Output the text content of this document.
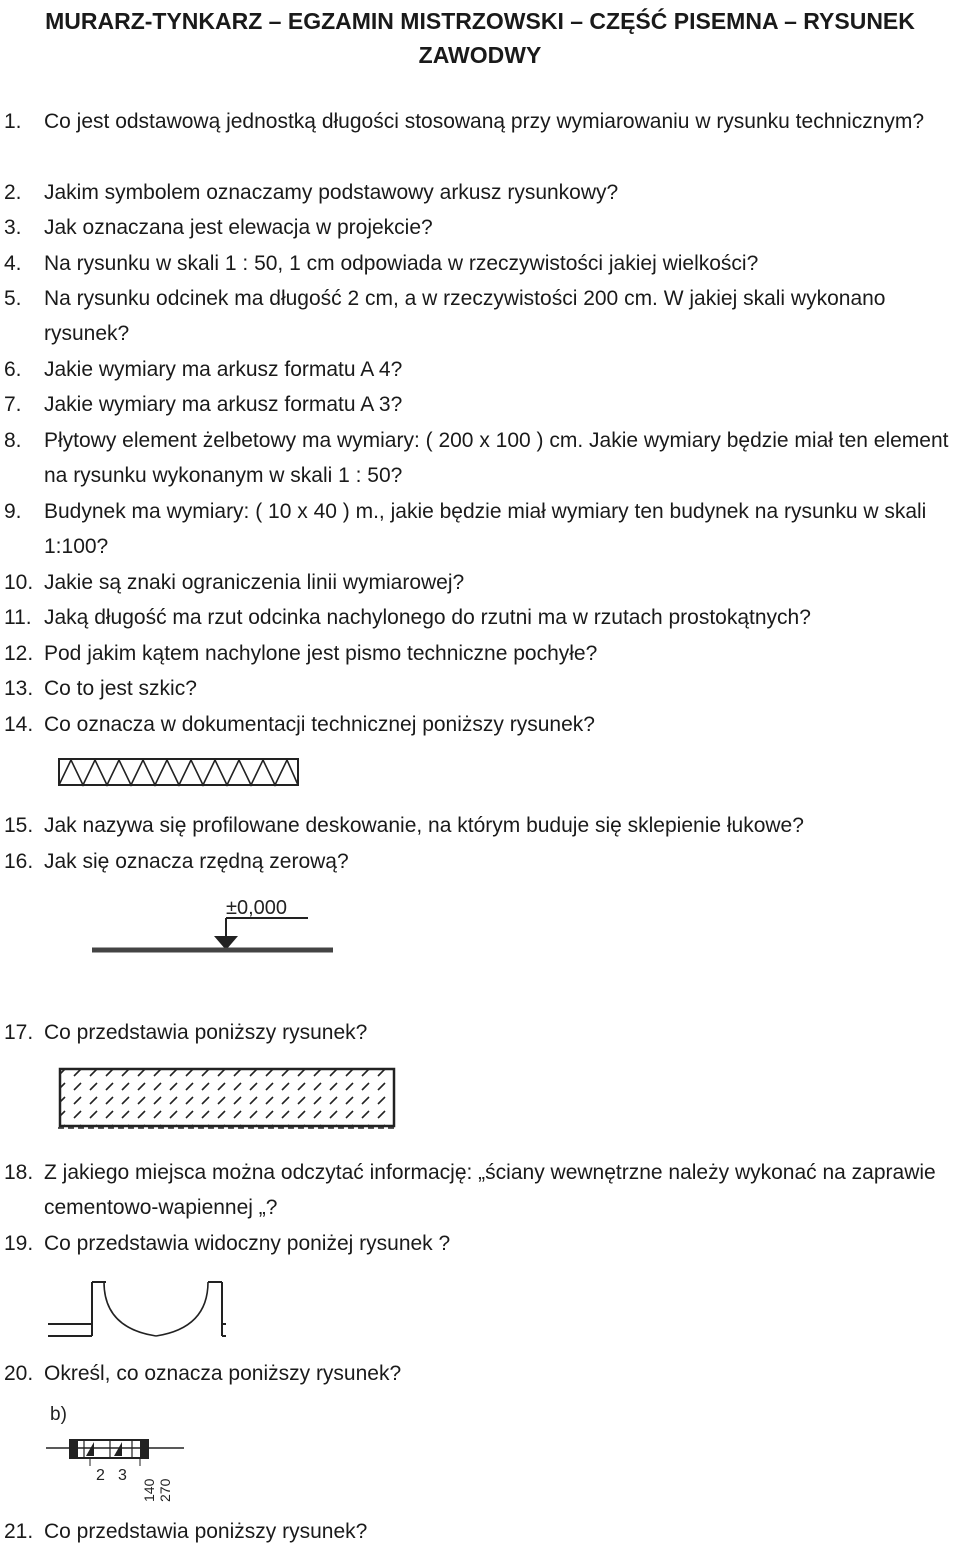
MURARZ-TYNKARZ – EGZAMIN MISTRZOWSKI – CZĘŚĆ PISEMNA – RYSUNEK ZAWODWY
1. Co jest odstawową jednostką długości stosowaną przy wymiarowaniu w rysunku technicznym?
2. Jakim symbolem oznaczamy podstawowy arkusz rysunkowy?
3. Jak oznaczana jest elewacja w projekcie?
4. Na rysunku w skali 1 : 50, 1 cm odpowiada w rzeczywistości jakiej wielkości?
5. Na rysunku odcinek ma długość 2 cm, a w rzeczywistości 200 cm. W jakiej skali wykonano rysunek?
6. Jakie wymiary ma arkusz formatu A 4?
7. Jakie wymiary ma arkusz formatu A 3?
8. Płytowy element żelbetowy ma wymiary: ( 200 x 100 ) cm. Jakie wymiary będzie miał ten element na rysunku wykonanym w skali 1 : 50?
9. Budynek ma wymiary: ( 10 x 40 ) m., jakie będzie miał wymiary ten budynek na rysunku w skali 1:100?
10. Jakie są znaki ograniczenia linii wymiarowej?
11. Jaką długość ma rzut odcinka nachylonego do rzutni ma w rzutach prostokątnych?
12. Pod jakim kątem nachylone jest pismo techniczne pochyłe?
13. Co to jest szkic?
14. Co oznacza w dokumentacji technicznej poniższy rysunek?
15. Jak nazywa się profilowane deskowanie, na którym buduje się sklepienie łukowe?
16. Jak się oznacza rzędną zerową?
17. Co przedstawia poniższy rysunek?
18. Z jakiego miejsca można odczytać informację: „ściany wewnętrzne należy wykonać na zaprawie cementowo-wapiennej „?
19. Co przedstawia widoczny poniżej rysunek ?
20. Określ, co oznacza poniższy rysunek?
21. Co przedstawia poniższy rysunek?
±0,000
b)
2 3
140 270
